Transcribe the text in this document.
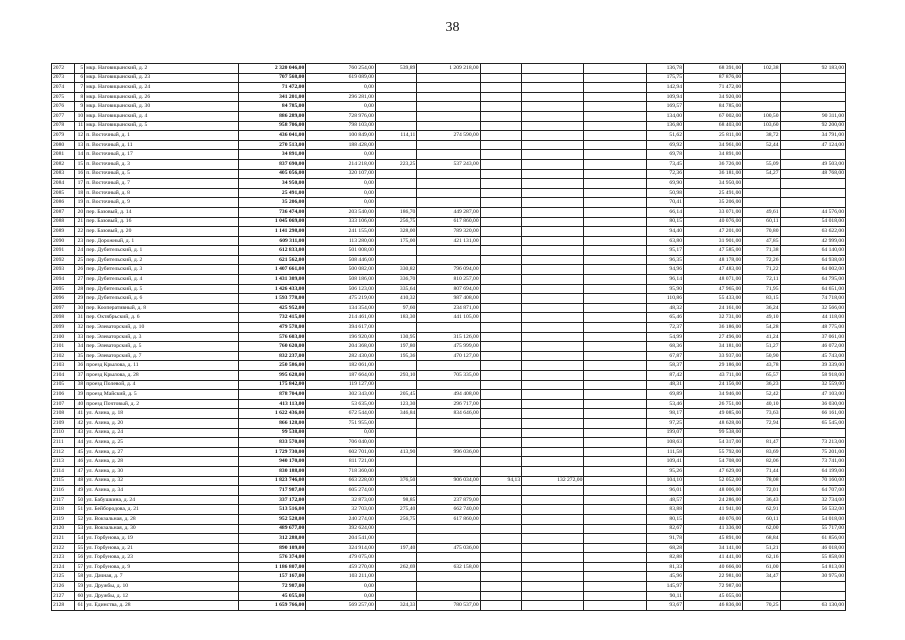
38
2072	5	мкр. Наговицынский, д. 2	2 320 046,00	760 254,00	539,89	1 209 218,00				136,78	68 391,00	102,38	92 183,00
2073	6	мкр. Наговицынский, д. 23	707 568,00	619 089,00						175,75	87 876,00		
2074	7	мкр. Наговицынский, д. 24	71 472,00	0,00						142,94	71 472,00		
2075	8	мкр. Наговицынский, д. 26	341 201,00	296 281,00						109,94	34 920,00		
2076	9	мкр. Наговицынский, д. 30	84 785,00	0,00						169,57	84 785,00		
2077	10	мкр. Наговицынский, д. 4	886 289,00	728 976,00						134,00	67 002,00	100,50	90 311,00
2078	11	мкр. Наговицынский, д. 5	958 706,00	798 103,00						136,80	68 403,00	103,60	92 200,00
2079	12	п. Восточный, д. 1	436 041,00	100 849,00	114,11	274 590,00				51,62	25 811,00	38,72	34 791,00
2080	13	п. Восточный, д. 11	270 513,00	188 428,00						69,92	34 961,00	52,44	47 124,00
2081	14	п. Восточный, д. 17	34 891,00	0,00						69,78	34 891,00		
2082	15	п. Восточный, д. 3	837 690,00	214 218,00	223,25	537 243,00				73,45	36 726,00	55,09	49 503,00
2083	16	п. Восточный, д. 5	405 056,00	320 107,00						72,36	36 181,00	54,27	48 768,00
2084	17	п. Восточный, д. 7	34 950,00	0,00						69,90	34 950,00		
2085	18	п. Восточный, д. 8	25 491,00	0,00						50,98	25 491,00		
2086	19	п. Восточный, д. 9	35 206,00	0,00						70,41	35 206,00		
2087	20	пер. Базовый, д. 14	736 474,00	203 540,00	186,70	449 287,00				66,14	33 071,00	49,61	44 576,00
2088	21	пер. Базовый, д. 16	1 045 069,00	333 106,00	256,75	617 860,00				80,15	40 076,00	60,11	54 018,00
2089	22	пер. Базовый, д. 20	1 141 298,00	241 155,00	328,00	789 320,00				94,40	47 201,00	70,80	63 622,00
2090	23	пер. Дорожный, д. 1	609 311,00	113 280,00	175,00	421 131,00				63,80	31 901,00	47,85	42 999,00
2091	24	пер. Дубительский, д. 1	612 833,00	501 008,00						95,17	47 585,00	71,38	64 140,00
2092	25	пер. Дубительский, д. 2	621 562,00	508 446,00						96,35	48 178,00	72,26	64 938,00
2093	26	пер. Дубительский, д. 3	1 407 661,00	500 082,00	330,82	796 094,00				94,96	47 483,00	71,22	64 002,00
2094	27	пер. Дубительский, д. 4	1 431 309,00	508 186,00	336,70	810 257,00				96,14	48 071,00	72,11	64 795,00
2095	28	пер. Дубительский, д. 5	1 426 433,00	506 123,00	335,64	807 694,00				95,90	47 965,00	71,95	64 651,00
2096	29	пер. Дубительский, д. 6	1 593 778,00	475 219,00	410,32	987 408,00				110,86	55 433,00	83,15	74 718,00
2097	30	пер. Кооперативный, д. 8	425 952,00	134 354,00	97,60	234 871,00				48,32	24 161,00	36,24	32 566,00
2098	31	пер. Октябрьский, д. 6	732 415,00	214 461,00	183,30	441 105,00				65,46	32 731,00	49,10	44 118,00
2099	32	пер. Элеваторский, д. 10	479 578,00	394 617,00						72,37	36 186,00	54,28	48 775,00
2100	33	пер. Элеваторский, д. 3	576 603,00	196 920,00	130,95	315 126,00				54,99	27 496,00	41,24	37 061,00
2101	34	пер. Элеваторский, д. 5	760 620,00	204 368,00	197,80	475 999,00				68,36	34 181,00	51,27	46 072,00
2102	35	пер. Элеваторский, д. 7	832 237,00	282 430,00	195,36	470 127,00				67,87	33 937,00	50,90	45 743,00
2103	36	проезд Крылова, д. 11	250 586,00	182 061,00						58,37	29 186,00	43,78	39 339,00
2104	37	проезд Крылова, д. 28	995 628,00	187 664,00	293,10	705 335,00				87,42	43 711,00	65,57	58 918,00
2105	38	проезд Полевой, д. 4	175 842,00	119 127,00						48,31	24 156,00	36,23	32 559,00
2106	39	проезд Майский, д. 5	878 704,00	302 343,00	205,45	494 408,00				69,89	34 946,00	52,42	47 103,00
2107	40	проезд Почтовый, д. 2	413 113,00	53 635,00	123,30	296 717,00				53,46	26 751,00	40,10	36 030,00
2108	41	ул. Азина, д. 18	1 622 436,00	672 544,00	346,84	834 646,00				98,17	49 085,00	73,63	66 161,00
2109	42	ул. Азина, д. 20	866 128,00	751 955,00						97,25	48 628,00	72,94	65 545,00
2110	43	ул. Азина, д. 24	99 538,00	0,00						199,07	99 538,00		
2111	44	ул. Азина, д. 25	833 570,00	706 040,00						108,63	54 317,00	81,47	73 213,00
2112	45	ул. Азина, д. 27	1 729 730,00	602 701,00	413,90	996 036,00				111,58	55 792,00	83,69	75 201,00
2113	46	ул. Азина, д. 28	940 170,00	811 721,00						109,41	54 708,00	82,06	73 741,00
2114	47	ул. Азина, д. 30	830 188,00	718 360,00						95,26	47 629,00	71,44	64 199,00
2115	48	ул. Азина, д. 32	1 823 746,00	663 228,00	376,50	906 034,00	94,13	132 272,00		104,10	52 052,00	78,08	70 160,00
2116	49	ул. Азина, д. 34	717 987,00	605 274,00						96,01	48 006,00	72,01	64 707,00
2117	50	ул. Бабушкина, д. 24	337 172,00	32 873,00	98,85	237 879,00				48,57	24 286,00	36,43	32 734,00
2118	51	ул. Бейбородова, д. 21	513 516,00	32 703,00	275,40	662 740,00				83,88	41 941,00	62,91	56 532,00
2119	52	ул. Вокзальная, д. 28	952 528,00	240 274,00	256,75	617 860,00				80,15	40 076,00	60,11	54 018,00
2120	53	ул. Вокзальная, д. 30	489 677,00	392 624,00						82,67	41 336,00	62,00	55 717,00
2121	54	ул. Горбунова, д. 19	312 288,00	204 541,00						91,78	45 891,00	68,84	61 856,00
2122	55	ул. Горбунова, д. 21	890 109,00	324 914,00	197,40	475 036,00				68,28	34 141,00	51,21	46 018,00
2123	56	ул. Горбунова, д. 23	576 374,00	479 075,00						82,88	41 441,00	62,16	55 858,00
2124	57	ул. Горбунова, д. 9	1 186 807,00	459 270,00	262,69	632 158,00				81,33	40 666,00	61,00	54 813,00
2125	58	ул. Дачная, д. 7	157 167,00	103 211,00						45,96	22 981,00	34,47	30 975,00
2126	59	ул. Дружбы, д. 10	72 987,00	0,00						145,97	72 987,00		
2127	60	ул. Дружбы, д. 12	45 055,00	0,00						90,11	45 055,00		
2128	61	ул. Единства, д. 28	1 659 766,00	569 257,00	324,33	780 537,00				93,67	46 836,00	70,25	63 130,00
